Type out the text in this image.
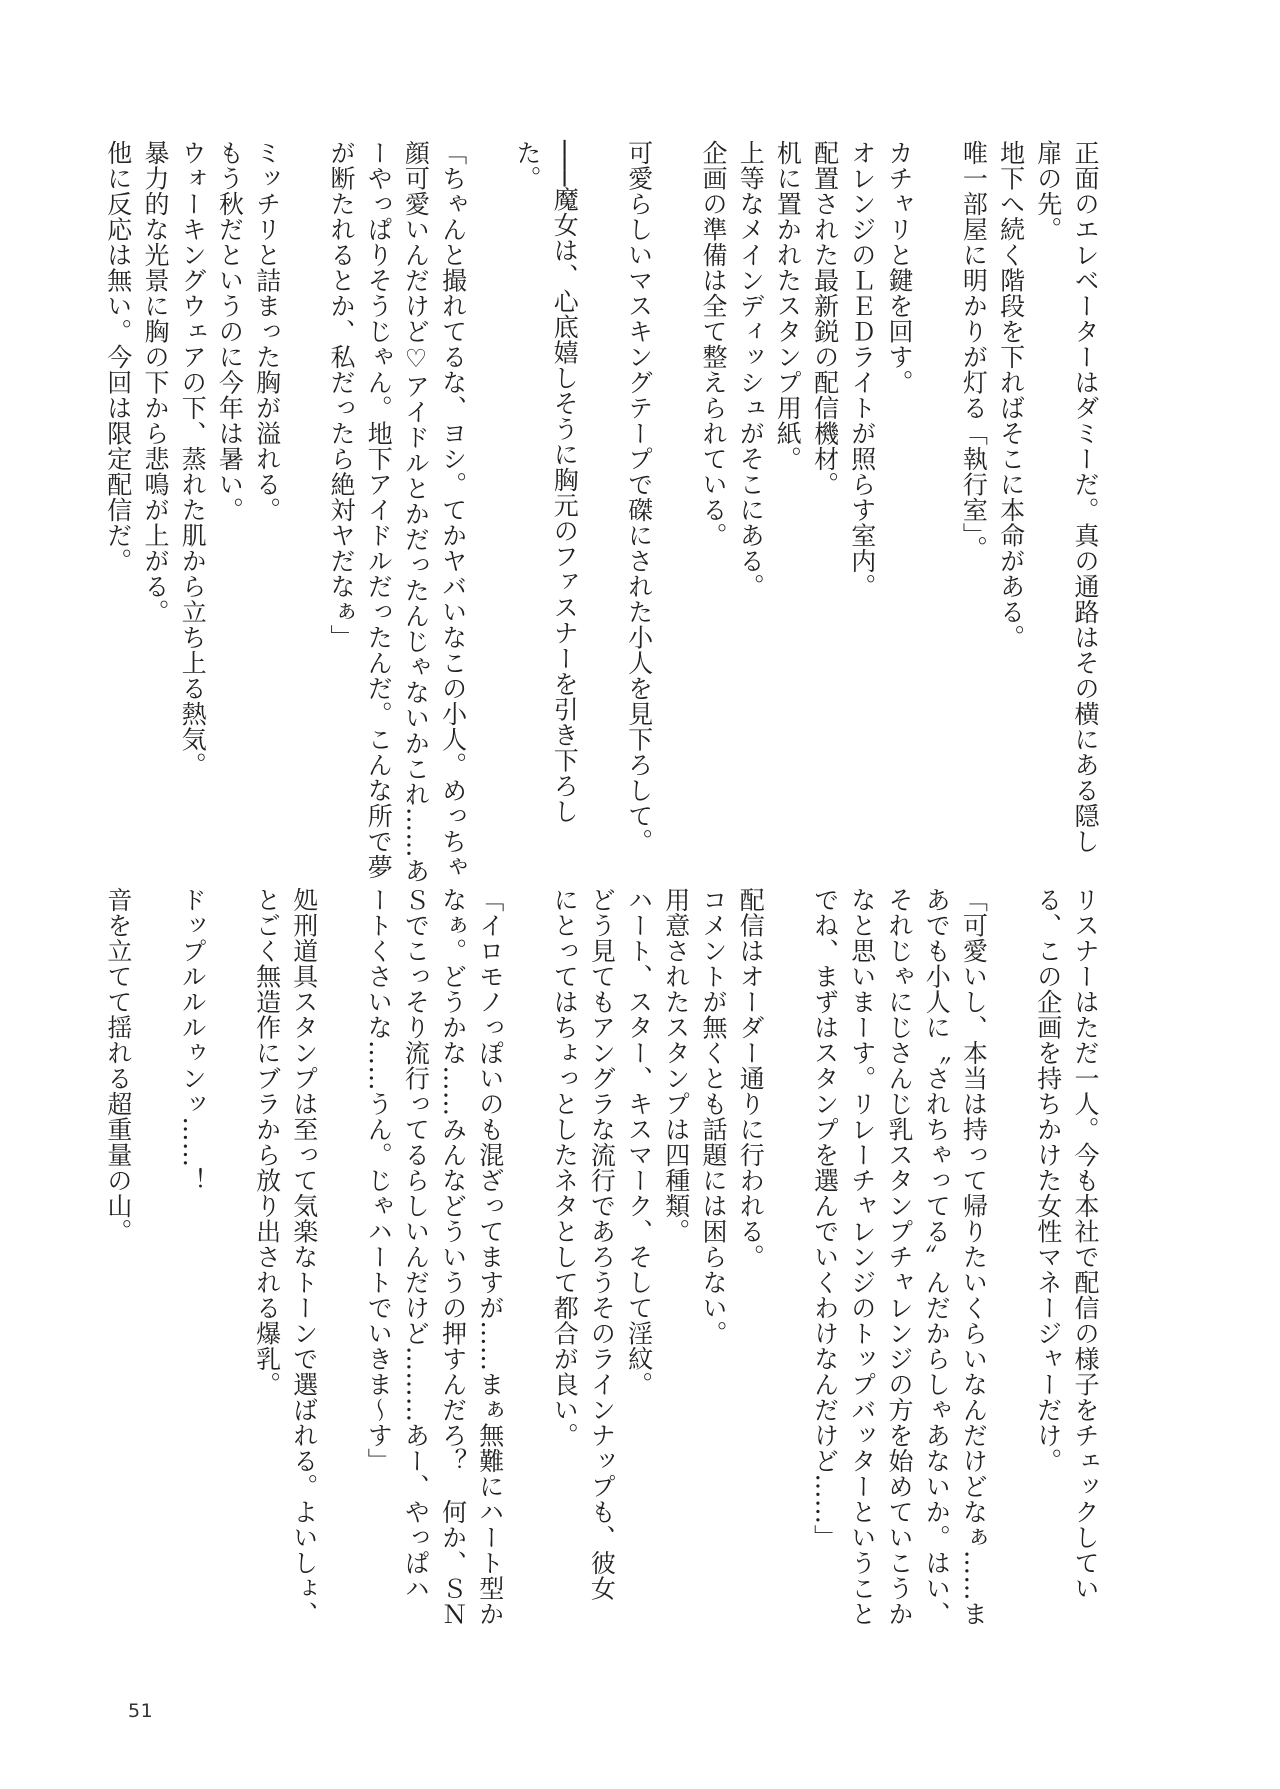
正面のエレベーターはダミーだ。真の通路はその横にある隠し
扉の先。
地下へ続く階段を下ればそこに本命がある。
唯一部屋に明かりが灯る「執行室」。
カチャリと鍵を回す。
オレンジのＬＥＤライトが照らす室内。
配置された最新鋭の配信機材。
机に置かれたスタンプ用紙。
上等なメインディッシュがそこにある。
企画の準備は全て整えられている。
可愛らしいマスキングテープで磔にされた小人を見下ろして。
───魔女は、心底嬉しそうに胸元のファスナーを引き下ろし
た。
「ちゃんと撮れてるな、ヨシ。てかヤバいなこの小人。めっちゃ
顔可愛いんだけど♡アイドルとかだったんじゃないかこれ……あ
ーやっぱりそうじゃん。地下アイドルだったんだ。こんな所で夢
が断たれるとか、私だったら絶対ヤだなぁ」
ミッチリと詰まった胸が溢れる。
もう秋だというのに今年は暑い。
ウォーキングウェアの下、蒸れた肌から立ち上る熱気。
暴力的な光景に胸の下から悲鳴が上がる。
他に反応は無い。今回は限定配信だ。
リスナーはただ一人。今も本社で配信の様子をチェックしてい
る、この企画を持ちかけた女性マネージャーだけ。
「可愛いし、本当は持って帰りたいくらいなんだけどなぁ……ま
あでも小人に〝されちゃってる〟んだからしゃあないか。はい、
それじゃにじさんじ乳スタンプチャレンジの方を始めていこうか
なと思いまーす。リレーチャレンジのトップバッターということ
でね、まずはスタンプを選んでいくわけなんだけど……」
配信はオーダー通りに行われる。
コメントが無くとも話題には困らない。
用意されたスタンプは四種類。
ハート、スター、キスマーク、そして淫紋。
どう見てもアングラな流行であろうそのラインナップも、彼女
にとってはちょっとしたネタとして都合が良い。
「イロモノっぽいのも混ざってますが……まぁ無難にハート型か
なぁ。どうかな……みんなどういうの押すんだろ？　何か、ＳＮ
Ｓでこっそり流行ってるらしいんだけど………あー、やっぱハ
ートくさいな……うん。じゃハートでいきま〜す」
処刑道具スタンプは至って気楽なトーンで選ばれる。よいしょ、
とごく無造作にブラから放り出される爆乳。
ドップルルルゥンッ……！
音を立てて揺れる超重量の山。
51
